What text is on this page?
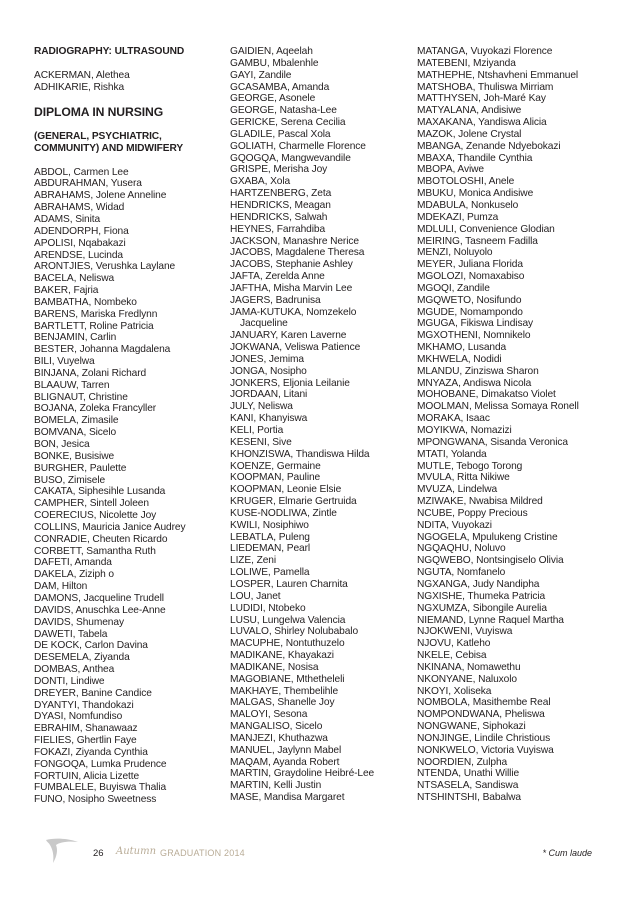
RADIOGRAPHY: ULTRASOUND
ACKERMAN, Alethea
ADHIKARIE, Rishka
DIPLOMA IN NURSING
(GENERAL, PSYCHIATRIC,
COMMUNITY) AND MIDWIFERY
ABDOL, Carmen Lee
ABDURAHMAN, Yusera
ABRAHAMS, Jolene Anneline
ABRAHAMS, Widad
ADAMS, Sinita
ADENDORPH, Fiona
APOLISI, Nqabakazi
ARENDSE, Lucinda
ARONTJIES, Verushka Laylane
BACELA, Neliswa
BAKER, Fajria
BAMBATHA, Nombeko
BARENS, Mariska Fredlynn
BARTLETT, Roline Patricia
BENJAMIN, Carlin
BESTER, Johanna Magdalena
BILI, Vuyelwa
BINJANA, Zolani Richard
BLAAUW, Tarren
BLIGNAUT, Christine
BOJANA, Zoleka Francyller
BOMELA, Zimasile
BOMVANA, Sicelo
BON, Jesica
BONKE, Busisiwe
BURGHER, Paulette
BUSO, Zimisele
CAKATA, Siphesihle Lusanda
CAMPHER, Sintell Joleen
COERECIUS, Nicolette Joy
COLLINS, Mauricia Janice Audrey
CONRADIE, Cheuten Ricardo
CORBETT, Samantha Ruth
DAFETI, Amanda
DAKELA, Ziziph o
DAM, Hilton
DAMONS, Jacqueline Trudell
DAVIDS, Anuschka Lee-Anne
DAVIDS, Shumenay
DAWETI, Tabela
DE KOCK, Carlon Davina
DESEMELA, Ziyanda
DOMBAS, Anthea
DONTI, Lindiwe
DREYER, Banine Candice
DYANTYI, Thandokazi
DYASI, Nomfundiso
EBRAHIM, Shanawaaz
FIELIES, Ghertlin Faye
FOKAZI, Ziyanda Cynthia
FONGOQA, Lumka Prudence
FORTUIN, Alicia Lizette
FUMBALELE, Buyiswa Thalia
FUNO, Nosipho Sweetness
GAIDIEN, Aqeelah
GAMBU, Mbalenhle
GAYI, Zandile
GCASAMBA, Amanda
GEORGE, Asonele
GEORGE, Natasha-Lee
GERICKE, Serena Cecilia
GLADILE, Pascal Xola
GOLIATH, Charmelle Florence
GQOGQA, Mangwevandile
GRISPE, Merisha Joy
GXABA, Xola
HARTZENBERG, Zeta
HENDRICKS, Meagan
HENDRICKS, Salwah
HEYNES, Farrahdiba
JACKSON, Manashre Nerice
JACOBS, Magdalene Theresa
JACOBS, Stephanie Ashley
JAFTA, Zerelda Anne
JAFTHA, Misha Marvin Lee
JAGERS, Badrunisa
JAMA-KUTUKA, Nomzekelo
Jacqueline
JANUARY, Karen Laverne
JOKWANA, Veliswa Patience
JONES, Jemima
JONGA, Nosipho
JONKERS, Eljonia Leilanie
JORDAAN, Litani
JULY, Neliswa
KANI, Khanyiswa
KELI, Portia
KESENI, Sive
KHONZISWA, Thandiswa Hilda
KOENZE, Germaine
KOOPMAN, Pauline
KOOPMAN, Leonie Elsie
KRUGER, Elmarie Gertruida
KUSE-NODLIWA, Zintle
KWILI, Nosiphiwo
LEBATLA, Puleng
LIEDEMAN, Pearl
LIZE, Zeni
LOLIWE, Pamella
LOSPER, Lauren Charnita
LOU, Janet
LUDIDI, Ntobeko
LUSU, Lungelwa Valencia
LUVALO, Shirley Nolubabalo
MACUPHE, Nontuthuzelo
MADIKANE, Khayakazi
MADIKANE, Nosisa
MAGOBIANE, Mthetheleli
MAKHAYE, Thembelihle
MALGAS, Shanelle Joy
MALOYI, Sesona
MANGALISO, Sicelo
MANJEZI, Khuthazwa
MANUEL, Jaylynn Mabel
MAQAM, Ayanda Robert
MARTIN, Graydoline Heibré-Lee
MARTIN, Kelli Justin
MASE, Mandisa Margaret
MATANGA, Vuyokazi Florence
MATEBENI, Mziyanda
MATHEPHE, Ntshavheni Emmanuel
MATSHOBA, Thuliswa Mirriam
MATTHYSEN, Joh-Maré Kay
MATYALANA, Andisiwe
MAXAKANA, Yandiswa Alicia
MAZOK, Jolene Crystal
MBANGA, Zenande Ndyebokazi
MBAXA, Thandile Cynthia
MBOPA, Aviwe
MBOTOLOSHI, Anele
MBUKU, Monica Andisiwe
MDABULA, Nonkuselo
MDEKAZI, Pumza
MDLULI, Convenience Glodian
MEIRING, Tasneem Fadilla
MENZI, Noluyolo
MEYER, Juliana Florida
MGOLOZI, Nomaxabiso
MGOQI, Zandile
MGQWETO, Nosifundo
MGUDE, Nomampondo
MGUGA, Fikiswa Lindisay
MGXOTHENI, Nomnikelo
MKHAMO, Lusanda
MKHWELA, Nodidi
MLANDU, Zinziswa Sharon
MNYAZA, Andiswa Nicola
MOHOBANE, Dimakatso Violet
MOOLMAN, Melissa Somaya Ronell
MORAKA, Isaac
MOYIKWA, Nomazizi
MPONGWANA, Sisanda Veronica
MTATI, Yolanda
MUTLE, Tebogo Torong
MVULA, Ritta Nikiwe
MVUZA, Lindelwa
MZIWAKE, Nwabisa Mildred
NCUBE, Poppy Precious
NDITA, Vuyokazi
NGOGELA, Mpulukeng Cristine
NGQAQHU, Noluvo
NGQWEBO, Nontsingiselo Olivia
NGUTA, Nomfanelo
NGXANGA, Judy Nandipha
NGXISHE, Thumeka Patricia
NGXUMZA, Sibongile Aurelia
NIEMAND, Lynne Raquel Martha
NJOKWENI, Vuyiswa
NJOVU, Katleho
NKELE, Cebisa
NKINANA, Nomawethu
NKONYANE, Naluxolo
NKOYI, Xoliseka
NOMBOLA, Masithembe Real
NOMPONDWANA, Pheliswa
NONGWANE, Siphokazi
NONJINGE, Lindile Christious
NONKWELO, Victoria Vuyiswa
NOORDIEN, Zulpha
NTENDA, Unathi Willie
NTSASELA, Sandiswa
NTSHINTSHI, Babalwa
26 Autumn GRADUATION 2014	* Cum laude
